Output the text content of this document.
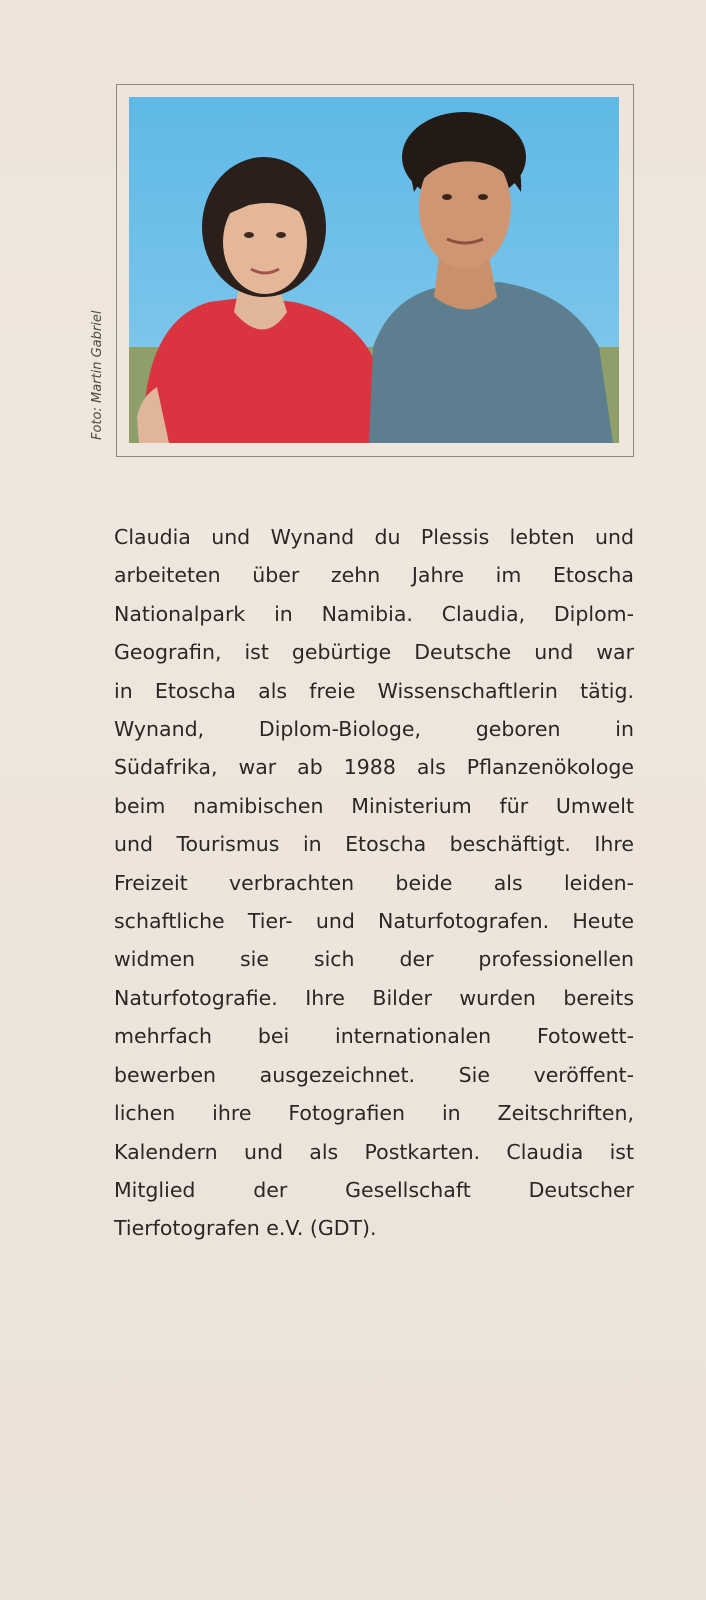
Foto: Martin Gabriel
Claudia und Wynand du Plessis lebten und
arbeiteten über zehn Jahre im Etoscha
Nationalpark in Namibia. Claudia, Diplom-
Geografin, ist gebürtige Deutsche und war
in Etoscha als freie Wissenschaftlerin tätig.
Wynand, Diplom-Biologe, geboren in
Südafrika, war ab 1988 als Pflanzenökologe
beim namibischen Ministerium für Umwelt
und Tourismus in Etoscha beschäftigt. Ihre
Freizeit verbrachten beide als leiden-
schaftliche Tier- und Naturfotografen. Heute
widmen sie sich der professionellen
Naturfotografie. Ihre Bilder wurden bereits
mehrfach bei internationalen Fotowett-
bewerben ausgezeichnet. Sie veröffent-
lichen ihre Fotografien in Zeitschriften,
Kalendern und als Postkarten. Claudia ist
Mitglied der Gesellschaft Deutscher
Tierfotografen e.V. (GDT).
